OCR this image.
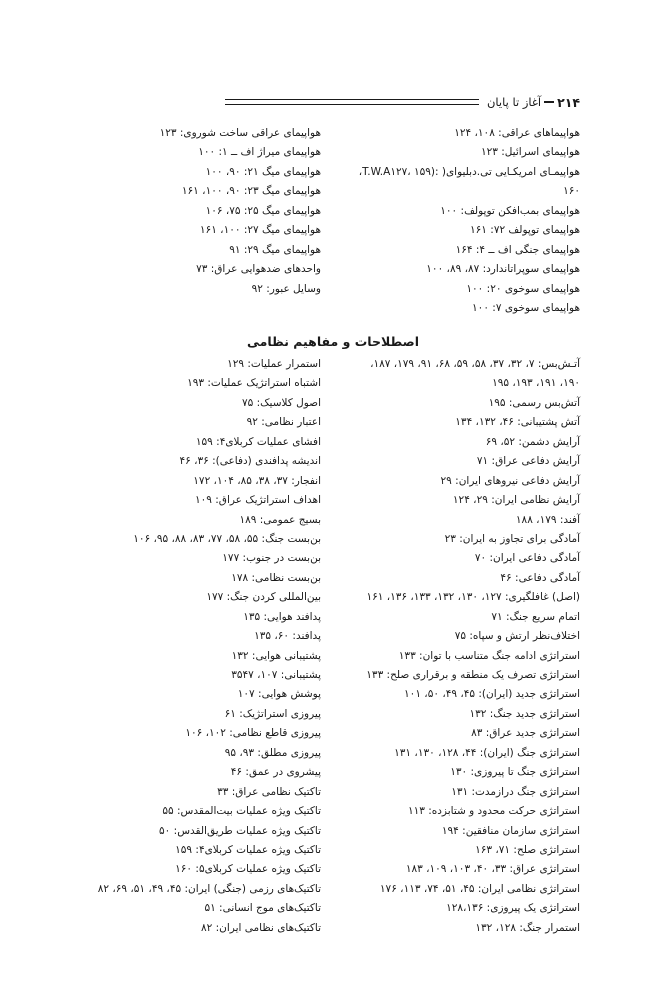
۲۱۴
آغاز تا پایان
هواپیماهای عراقی: ۱۰۸، ۱۲۴
هواپیمای اسرائیل: ۱۲۳
هواپیمـای امریکـایی تی.دبلیوای( :(T.W.A۱۲۷، ۱۵۹،
۱۶۰
هواپیمای بمب‌افکن توپولف: ۱۰۰
هواپیمای توپولف ۷۲: ۱۶۱
هواپیمای جنگی اف ــ ۴: ۱۶۴
هواپیمای سوپراتاندارد: ۸۷، ۸۹، ۱۰۰
هواپیمای سوخوی ۲۰: ۱۰۰
هواپیمای سوخوی ۷: ۱۰۰
هواپیمای عراقی ساخت شوروی: ۱۲۳
هواپیمای میراژ اف ــ ۱: ۱۰۰
هواپیمای میگ ۲۱: ۹۰، ۱۰۰
هواپیمای میگ ۲۳: ۹۰، ۱۰۰، ۱۶۱
هواپیمای میگ ۲۵: ۷۵، ۱۰۶
هواپیمای میگ ۲۷: ۱۰۰، ۱۶۱
هواپیمای میگ ۲۹: ۹۱
واحدهای ضدهوایی عراق: ۷۳
وسایل عبور: ۹۲
اصطلاحات و مفاهیم نظامی
آتـش‌بس: ۷، ۳۲، ۳۷، ۵۸، ۵۹، ۶۸، ۹۱، ۱۷۹، ۱۸۷،
۱۹۰، ۱۹۱، ۱۹۳، ۱۹۵
آتش‌بس رسمی: ۱۹۵
آتش پشتیبانی: ۴۶، ۱۳۲، ۱۳۴
آرایش دشمن: ۵۲، ۶۹
آرایش دفاعی عراق: ۷۱
آرایش دفاعی نیروهای ایران: ۲۹
آرایش نظامی ایران: ۲۹، ۱۲۴
آفند: ۱۷۹، ۱۸۸
آمادگی برای تجاوز به ایران: ۲۳
آمادگی دفاعی ایران: ۷۰
آمادگی دفاعی: ۴۶
(اصل) غافلگیری: ۱۲۷، ۱۳۰، ۱۳۲، ۱۳۳، ۱۳۶، ۱۶۱
اتمام سریع جنگ: ۷۱
اختلاف‌نظر ارتش و سپاه: ۷۵
استراتژی ادامه جنگ متناسب با توان: ۱۳۳
استراتژی تصرف یک منطقه و برقراری صلح: ۱۳۳
استراتژی جدید (ایران): ۴۵، ۴۹، ۵۰، ۱۰۱
استراتژی جدید جنگ: ۱۳۲
استراتژی جدید عراق: ۸۳
استراتژی جنگ (ایران): ۴۴، ۱۲۸، ۱۳۰، ۱۳۱
استراتژی جنگ تا پیروزی: ۱۳۰
استراتژی جنگ درازمدت: ۱۳۱
استراتژی حرکت محدود و شتابزده: ۱۱۳
استراتژی سازمان منافقین: ۱۹۴
استراتژی صلح: ۷۱، ۱۶۳
استراتژی عراق: ۳۳، ۴۰، ۱۰۳، ۱۰۹، ۱۸۳
استراتژی نظامی ایران: ۴۵، ۵۱، ۷۴، ۱۱۳، ۱۷۶
استراتژی یک پیروزی: ۱۲۸،۱۳۶
استمرار جنگ: ۱۲۸، ۱۳۲
استمرار عملیات: ۱۲۹
اشتباه استراتژیک عملیات: ۱۹۳
اصول کلاسیک: ۷۵
اعتبار نظامی: ۹۲
افشای عملیات کربلای۴: ۱۵۹
اندیشه پدافندی (دفاعی): ۳۶، ۴۶
انفجار: ۳۷، ۳۸، ۸۵، ۱۰۴، ۱۷۲
اهداف استراتژیک عراق: ۱۰۹
بسیج عمومی: ۱۸۹
بن‌بست جنگ: ۵۵، ۵۸، ۷۷، ۸۳، ۸۸، ۹۵، ۱۰۶
بن‌بست در جنوب: ۱۷۷
بن‌بست نظامی: ۱۷۸
بین‌المللی کردن جنگ: ۱۷۷
پدافند هوایی: ۱۳۵
پدافند: ۶۰، ۱۳۵
پشتیبانی هوایی: ۱۳۲
پشتیبانی: ۱۰۷، ۳۵۴۷
پوشش هوایی: ۱۰۷
پیروزی استراتژیک: ۶۱
پیروزی قاطع نظامی: ۱۰۲، ۱۰۶
پیروزی مطلق: ۹۳، ۹۵
پیشروی در عمق: ۴۶
تاکتیک نظامی عراق: ۳۳
تاکتیک ویژه عملیات بیت‌المقدس: ۵۵
تاکتیک ویژه عملیات طریق‌القدس: ۵۰
تاکتیک ویژه عملیات کربلای۴: ۱۵۹
تاکتیک ویژه عملیات کربلای۵: ۱۶۰
تاکتیک‌های رزمی (جنگی) ایران: ۴۵، ۴۹، ۵۱، ۶۹، ۸۲
تاکتیک‌های موج انسانی: ۵۱
تاکتیک‌های نظامی ایران: ۸۲
